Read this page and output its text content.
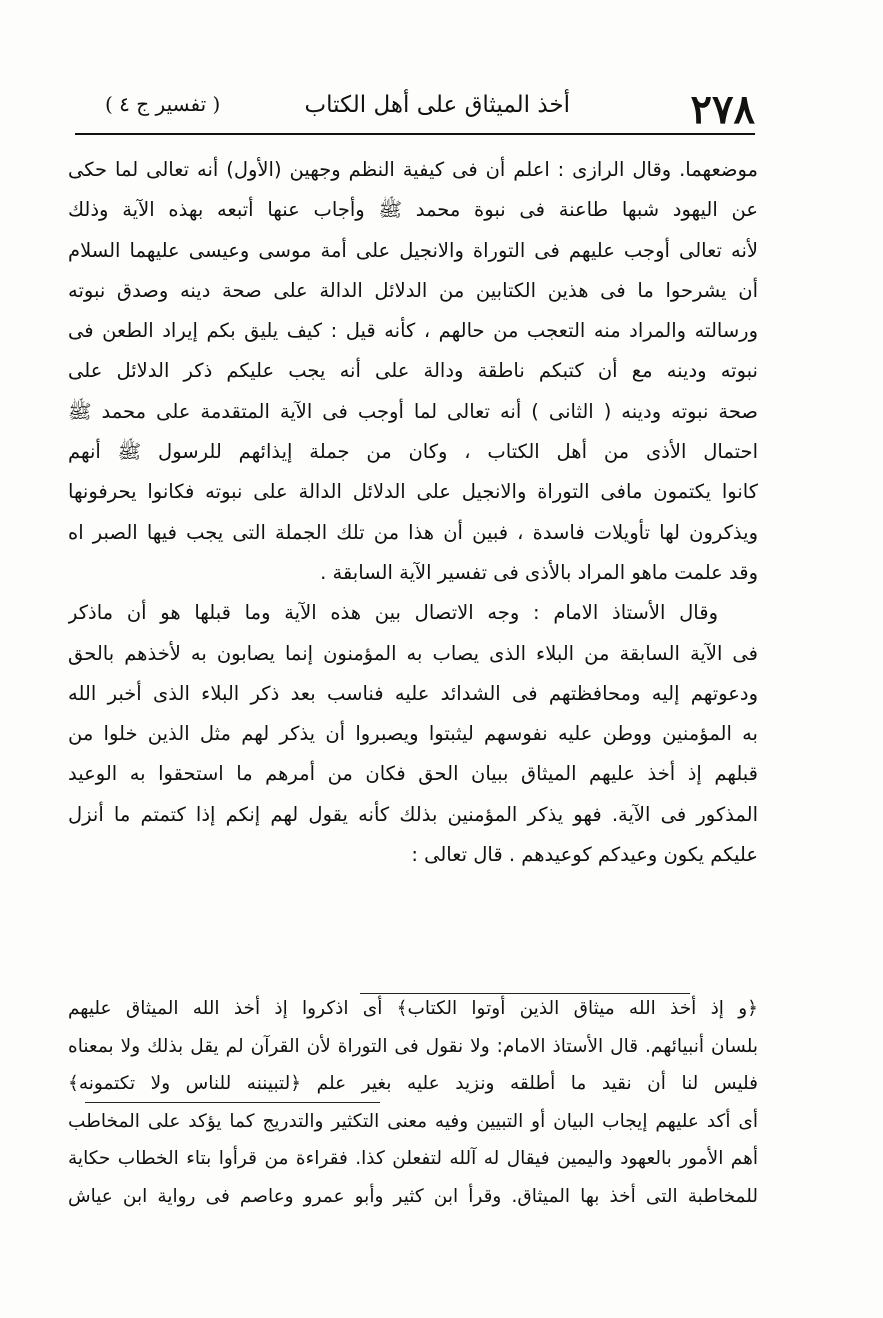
٢٧٨
أخذ الميثاق على أهل الكتاب
( تفسير ج ٤ )
موضعهما. وقال الرازى : اعلم أن فى كيفية النظم وجهين (الأول) أنه تعالى لما حكى
عن اليهود شبها طاعنة فى نبوة محمد ﷺ وأجاب عنها أتبعه بهذه الآية وذلك
لأنه تعالى أوجب عليهم فى التوراة والانجيل على أمة موسى وعيسى عليهما السلام
أن يشرحوا ما فى هذين الكتابين من الدلائل الدالة على صحة دينه وصدق نبوته
ورسالته والمراد منه التعجب من حالهم ، كأنه قيل : كيف يليق بكم إيراد الطعن فى
نبوته ودينه مع أن كتبكم ناطقة ودالة على أنه يجب عليكم ذكر الدلائل على
صحة نبوته ودينه ( الثانى ) أنه تعالى لما أوجب فى الآية المتقدمة على محمد ﷺ
احتمال الأذى من أهل الكتاب ، وكان من جملة إيذائهم للرسول ﷺ أنهم
كانوا يكتمون مافى التوراة والانجيل على الدلائل الدالة على نبوته فكانوا يحرفونها
ويذكرون لها تأويلات فاسدة ، فبين أن هذا من تلك الجملة التى يجب فيها الصبر اه
وقد علمت ماهو المراد بالأذى فى تفسير الآية السابقة .
وقال الأستاذ الامام : وجه الاتصال بين هذه الآية وما قبلها هو أن ماذكر
فى الآية السابقة من البلاء الذى يصاب به المؤمنون إنما يصابون به لأخذهم بالحق
ودعوتهم إليه ومحافظتهم فى الشدائد عليه فناسب بعد ذكر البلاء الذى أخبر الله
به المؤمنين ووطن عليه نفوسهم ليثبتوا ويصبروا أن يذكر لهم مثل الذين خلوا من
قبلهم إذ أخذ عليهم الميثاق ببيان الحق فكان من أمرهم ما استحقوا به الوعيد
المذكور فى الآية. فهو يذكر المؤمنين بذلك كأنه يقول لهم إنكم إذا كتمتم ما أنزل
عليكم يكون وعيدكم كوعيدهم . قال تعالى :
﴿و إذ أخذ الله ميثاق الذين أوتوا الكتاب﴾ أى اذكروا إذ أخذ الله الميثاق عليهم
بلسان أنبيائهم. قال الأستاذ الامام: ولا نقول فى التوراة لأن القرآن لم يقل بذلك ولا بمعناه
فليس لنا أن نقيد ما أطلقه ونزيد عليه بغير علم ﴿لتبيننه للناس ولا تكتمونه﴾
أى أكد عليهم إيجاب البيان أو التبيين وفيه معنى التكثير والتدريج كما يؤكد على المخاطب
أهم الأمور بالعهود واليمين فيقال له آلله لتفعلن كذا. فقراءة من قرأوا بتاء الخطاب حكاية
للمخاطبة التى أخذ بها الميثاق. وقرأ ابن كثير وأبو عمرو وعاصم فى رواية ابن عياش
